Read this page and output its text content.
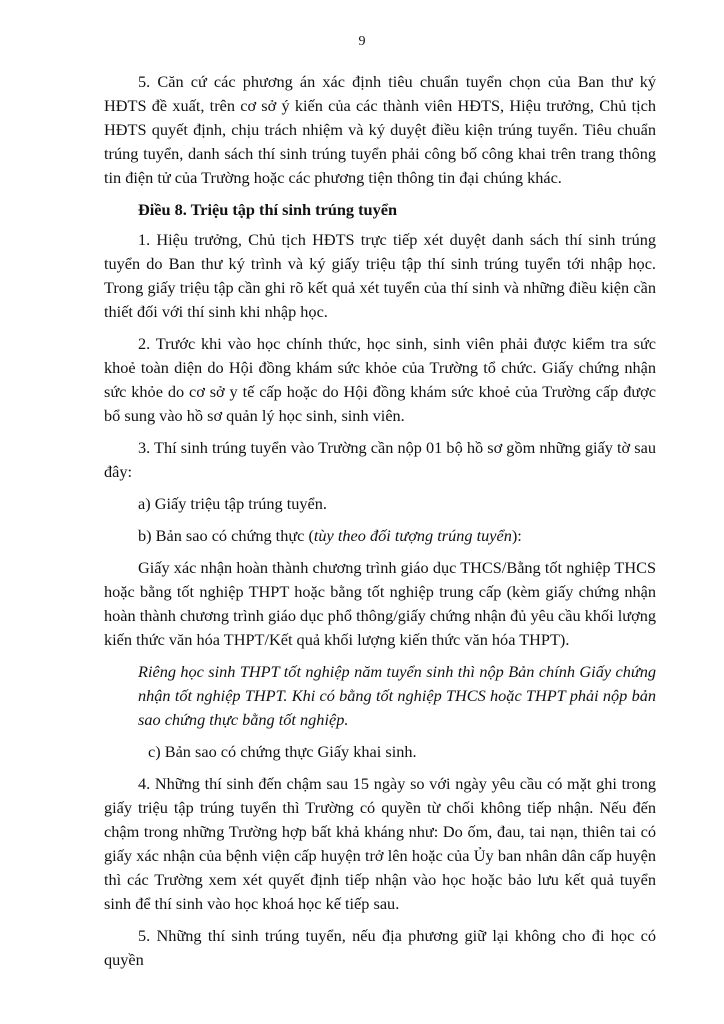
9

5. Căn cứ các phương án xác định tiêu chuẩn tuyển chọn của Ban thư ký HĐTS đề xuất, trên cơ sở ý kiến của các thành viên HĐTS, Hiệu trưởng, Chủ tịch HĐTS quyết định, chịu trách nhiệm và ký duyệt điều kiện trúng tuyển. Tiêu chuẩn trúng tuyển, danh sách thí sinh trúng tuyển phải công bố công khai trên trang thông tin điện tử của Trường hoặc các phương tiện thông tin đại chúng khác.

Điều 8. Triệu tập thí sinh trúng tuyển

1. Hiệu trưởng, Chủ tịch HĐTS trực tiếp xét duyệt danh sách thí sinh trúng tuyển do Ban thư ký trình và ký giấy triệu tập thí sinh trúng tuyển tới nhập học. Trong giấy triệu tập cần ghi rõ kết quả xét tuyển của thí sinh và những điều kiện cần thiết đối với thí sinh khi nhập học.

2. Trước khi vào học chính thức, học sinh, sinh viên phải được kiểm tra sức khoẻ toàn diện do Hội đồng khám sức khỏe của Trường tổ chức. Giấy chứng nhận sức khỏe do cơ sở y tế cấp hoặc do Hội đồng khám sức khoẻ của Trường cấp được bổ sung vào hồ sơ quản lý học sinh, sinh viên.

3. Thí sinh trúng tuyển vào Trường cần nộp 01 bộ hồ sơ gồm những giấy tờ sau đây:

a) Giấy triệu tập trúng tuyển.

b) Bản sao có chứng thực (tùy theo đối tượng trúng tuyển):

Giấy xác nhận hoàn thành chương trình giáo dục THCS/Bằng tốt nghiệp THCS hoặc bằng tốt nghiệp THPT hoặc bằng tốt nghiệp trung cấp (kèm giấy chứng nhận hoàn thành chương trình giáo dục phổ thông/giấy chứng nhận đủ yêu cầu khối lượng kiến thức văn hóa THPT/Kết quả khối lượng kiến thức văn hóa THPT).

Riêng học sinh THPT tốt nghiệp năm tuyển sinh thì nộp Bản chính Giấy chứng nhận tốt nghiệp THPT. Khi có bằng tốt nghiệp THCS hoặc THPT phải nộp bản sao chứng thực bằng tốt nghiệp.

c) Bản sao có chứng thực Giấy khai sinh.

4. Những thí sinh đến chậm sau 15 ngày so với ngày yêu cầu có mặt ghi trong giấy triệu tập trúng tuyển thì Trường có quyền từ chối không tiếp nhận. Nếu đến chậm trong những Trường hợp bất khả kháng như: Do ốm, đau, tai nạn, thiên tai có giấy xác nhận của bệnh viện cấp huyện trở lên hoặc của Ủy ban nhân dân cấp huyện thì các Trường xem xét quyết định tiếp nhận vào học hoặc bảo lưu kết quả tuyển sinh để thí sinh vào học khoá học kế tiếp sau.

5. Những thí sinh trúng tuyển, nếu địa phương giữ lại không cho đi học có quyền
